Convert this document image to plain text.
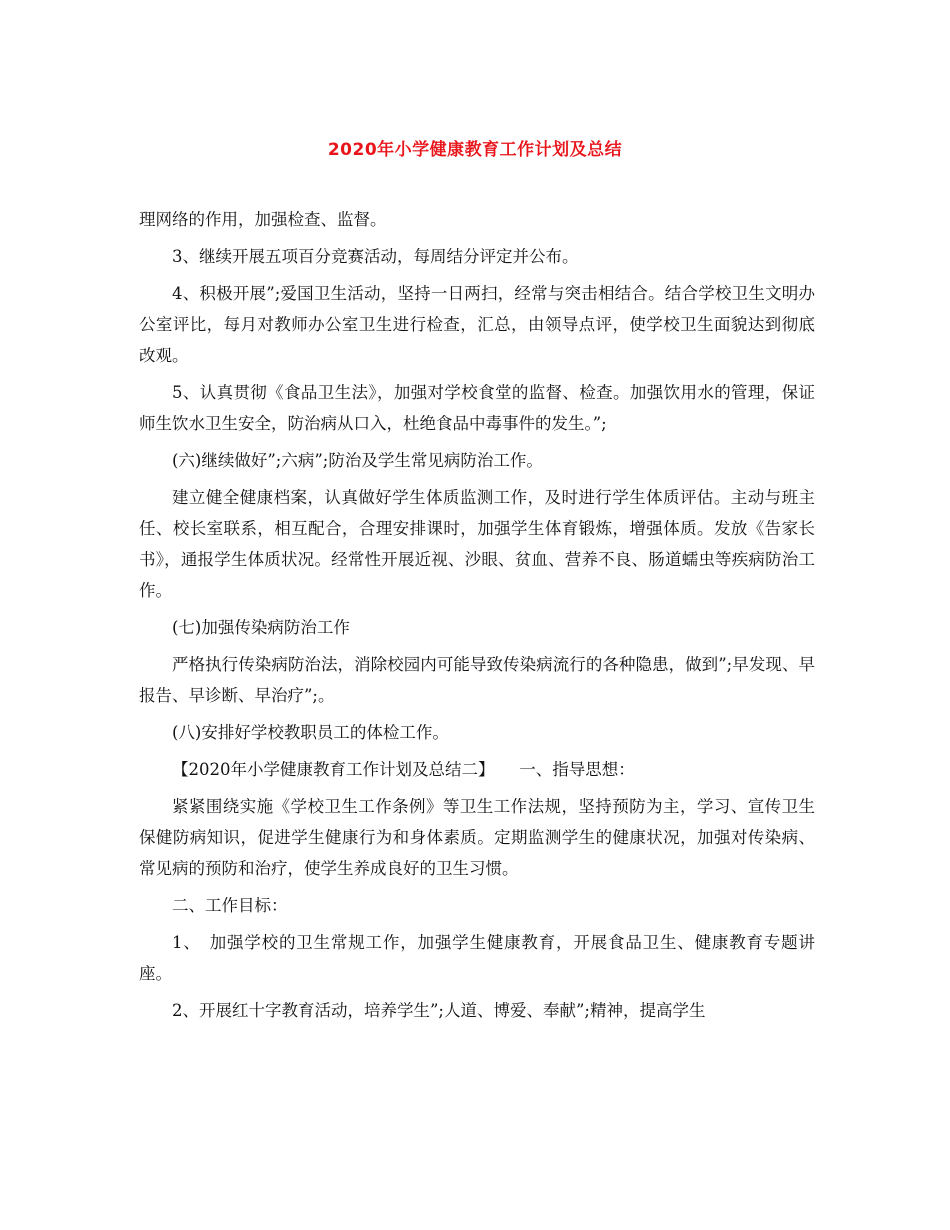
2020年小学健康教育工作计划及总结

理网络的作用，加强检查、监督。

3、继续开展五项百分竞赛活动，每周结分评定并公布。

4、积极开展”;爱国卫生活动，坚持一日两扫，经常与突击相结合。结合学校卫生文明办公室评比，每月对教师办公室卫生进行检查，汇总，由领导点评，使学校卫生面貌达到彻底改观。

5、认真贯彻《食品卫生法》，加强对学校食堂的监督、检查。加强饮用水的管理，保证师生饮水卫生安全，防治病从口入，杜绝食品中毒事件的发生。”;

(六)继续做好”;六病”;防治及学生常见病防治工作。

建立健全健康档案，认真做好学生体质监测工作，及时进行学生体质评估。主动与班主任、校长室联系，相互配合，合理安排课时，加强学生体育锻炼，增强体质。发放《告家长书》，通报学生体质状况。经常性开展近视、沙眼、贫血、营养不良、肠道蠕虫等疾病防治工作。

(七)加强传染病防治工作

严格执行传染病防治法，消除校园内可能导致传染病流行的各种隐患，做到”;早发现、早报告、早诊断、早治疗”;。

(八)安排好学校教职员工的体检工作。

【2020年小学健康教育工作计划及总结二】　　一、指导思想：

紧紧围绕实施《学校卫生工作条例》等卫生工作法规，坚持预防为主，学习、宣传卫生保健防病知识，促进学生健康行为和身体素质。定期监测学生的健康状况，加强对传染病、常见病的预防和治疗，使学生养成良好的卫生习惯。

二、工作目标：

1、　加强学校的卫生常规工作，加强学生健康教育，开展食品卫生、健康教育专题讲座。

2、开展红十字教育活动，培养学生”;人道、博爱、奉献”;精神，提高学生
